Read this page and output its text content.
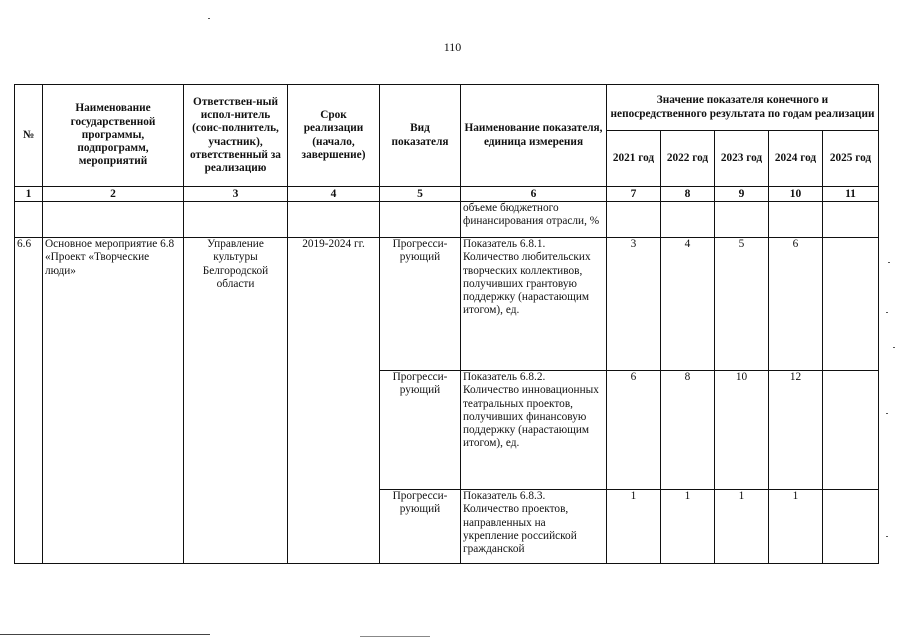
110
№	Наименование государственной программы, подпрограмм, мероприятий	Ответствен-ный испол-нитель (соис-полнитель, участник), ответственный за реализацию	Срок реализации (начало, завершение)	Вид показателя	Наименование показателя, единица измерения	Значение показателя конечного и непосредственного результата по годам реализации				
						2021 год	2022 год	2023 год	2024 год	2025 год
1	2	3	4	5	6	7	8	9	10	11
					объеме бюджетного финансирования отрасли, %					
6.6	Основное мероприятие 6.8 «Проект «Творческие люди»	Управление культуры Белгородской области	2019-2024 гг.	Прогресси-рующий	Показатель 6.8.1. Количество любительских творческих коллективов, получивших грантовую поддержку (нарастающим итогом), ед.	3	4	5	6	
				Прогресси-рующий	Показатель 6.8.2. Количество инновационных театральных проектов, получивших финансовую поддержку (нарастающим итогом), ед.	6	8	10	12	
				Прогресси-рующий	Показатель 6.8.3. Количество проектов, направленных на укрепление российской гражданской	1	1	1	1	
